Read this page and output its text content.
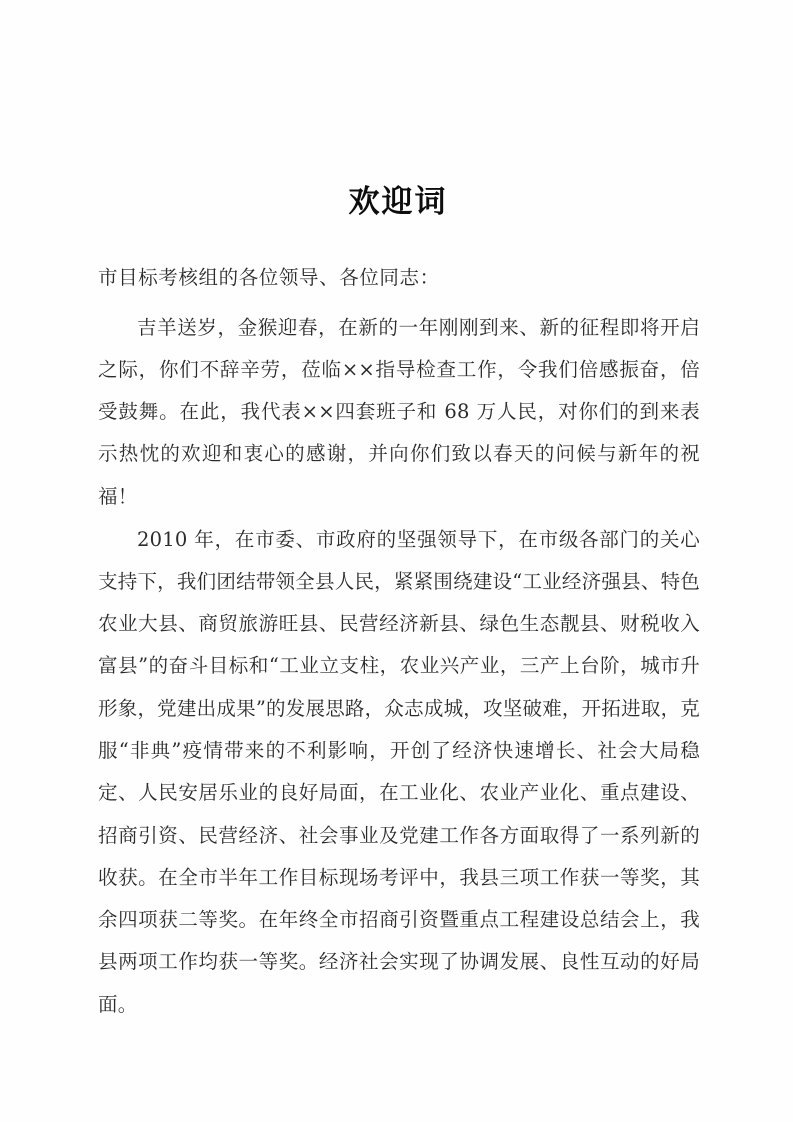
欢迎词

市目标考核组的各位领导、各位同志：

吉羊送岁，金猴迎春，在新的一年刚刚到来、新的征程即将开启之际，你们不辞辛劳，莅临××指导检查工作，令我们倍感振奋，倍受鼓舞。在此，我代表××四套班子和 68 万人民，对你们的到来表示热忱的欢迎和衷心的感谢，并向你们致以春天的问候与新年的祝福！

2010 年，在市委、市政府的坚强领导下，在市级各部门的关心支持下，我们团结带领全县人民，紧紧围绕建设“工业经济强县、特色农业大县、商贸旅游旺县、民营经济新县、绿色生态靓县、财税收入富县”的奋斗目标和“工业立支柱，农业兴产业，三产上台阶，城市升形象，党建出成果”的发展思路，众志成城，攻坚破难，开拓进取，克服“非典”疫情带来的不利影响，开创了经济快速增长、社会大局稳定、人民安居乐业的良好局面，在工业化、农业产业化、重点建设、招商引资、民营经济、社会事业及党建工作各方面取得了一系列新的收获。在全市半年工作目标现场考评中，我县三项工作获一等奖，其余四项获二等奖。在年终全市招商引资暨重点工程建设总结会上，我县两项工作均获一等奖。经济社会实现了协调发展、良性互动的好局面。
